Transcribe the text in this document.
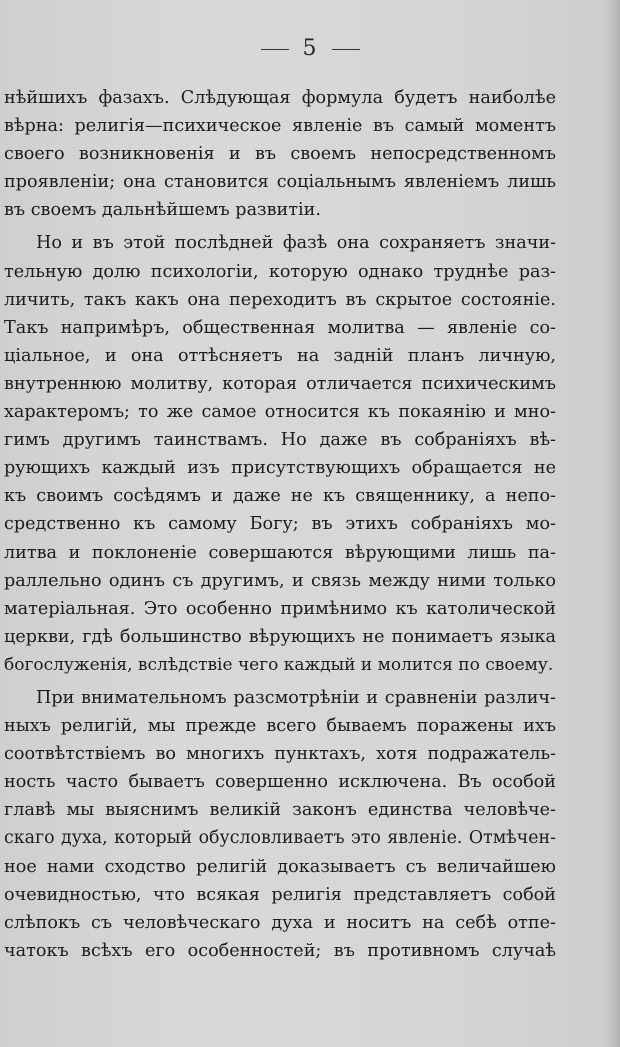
5
нѣйшихъ фазахъ. Слѣдующая формула будетъ наиболѣе
вѣрна: религія—психическое явленіе въ самый моментъ
своего возникновенія и въ своемъ непосредственномъ
проявленіи; она становится соціальнымъ явленіемъ лишь
въ своемъ дальнѣйшемъ развитіи.
Но и въ этой послѣдней фазѣ она сохраняетъ значи-
тельную долю психологіи, которую однако труднѣе раз-
личить, такъ какъ она переходитъ въ скрытое состояніе.
Такъ напримѣръ, общественная молитва — явленіе со-
ціальное, и она оттѣсняетъ на задній планъ личную,
внутреннюю молитву, которая отличается психическимъ
характеромъ; то же самое относится къ покаянію и мно-
гимъ другимъ таинствамъ. Но даже въ собраніяхъ вѣ-
рующихъ каждый изъ присутствующихъ обращается не
къ своимъ сосѣдямъ и даже не къ священнику, а непо-
средственно къ самому Богу; въ этихъ собраніяхъ мо-
литва и поклоненіе совершаются вѣрующими лишь па-
раллельно одинъ съ другимъ, и связь между ними только
матеріальная. Это особенно примѣнимо къ католической
церкви, гдѣ большинство вѣрующихъ не понимаетъ языка
богослуженія, вслѣдствіе чего каждый и молится по своему.
При внимательномъ разсмотрѣніи и сравненіи различ-
ныхъ религій, мы прежде всего бываемъ поражены ихъ
соотвѣтствіемъ во многихъ пунктахъ, хотя подражатель-
ность часто бываетъ совершенно исключена. Въ особой
главѣ мы выяснимъ великій законъ единства человѣче-
скаго духа, который обусловливаетъ это явленіе. Отмѣчен-
ное нами сходство религій доказываетъ съ величайшею
очевидностью, что всякая религія представляетъ собой
слѣпокъ съ человѣческаго духа и носитъ на себѣ отпе-
чатокъ всѣхъ его особенностей; въ противномъ случаѣ
